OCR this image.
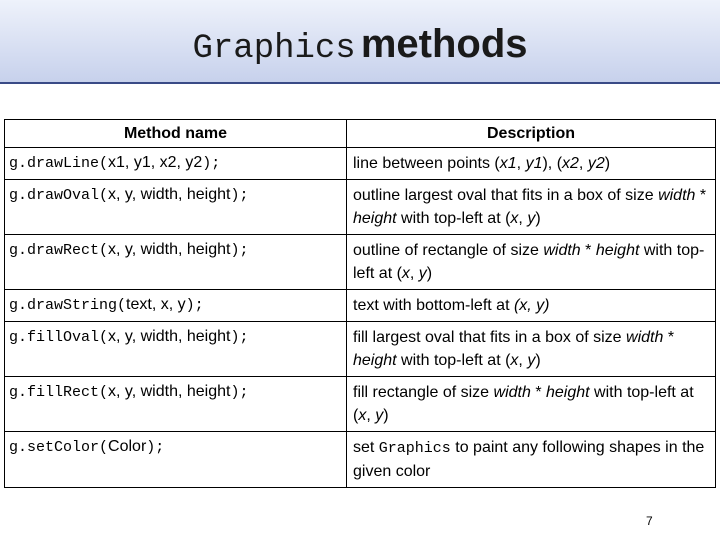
Graphics methods
Method name	Description
g.drawLine(x1, y1, x2, y2);	line between points (x1, y1), (x2, y2)
g.drawOval(x, y, width, height);	outline largest oval that fits in a box of size width * height with top-left at (x, y)
g.drawRect(x, y, width, height);	outline of rectangle of size width * height with top-left at (x, y)
g.drawString(text, x, y);	text with bottom-left at (x, y)
g.fillOval(x, y, width, height);	fill largest oval that fits in a box of size width * height with top-left at (x, y)
g.fillRect(x, y, width, height);	fill rectangle of size width * height with top-left at (x, y)
g.setColor(Color);	set Graphics to paint any following shapes in the given color
7
